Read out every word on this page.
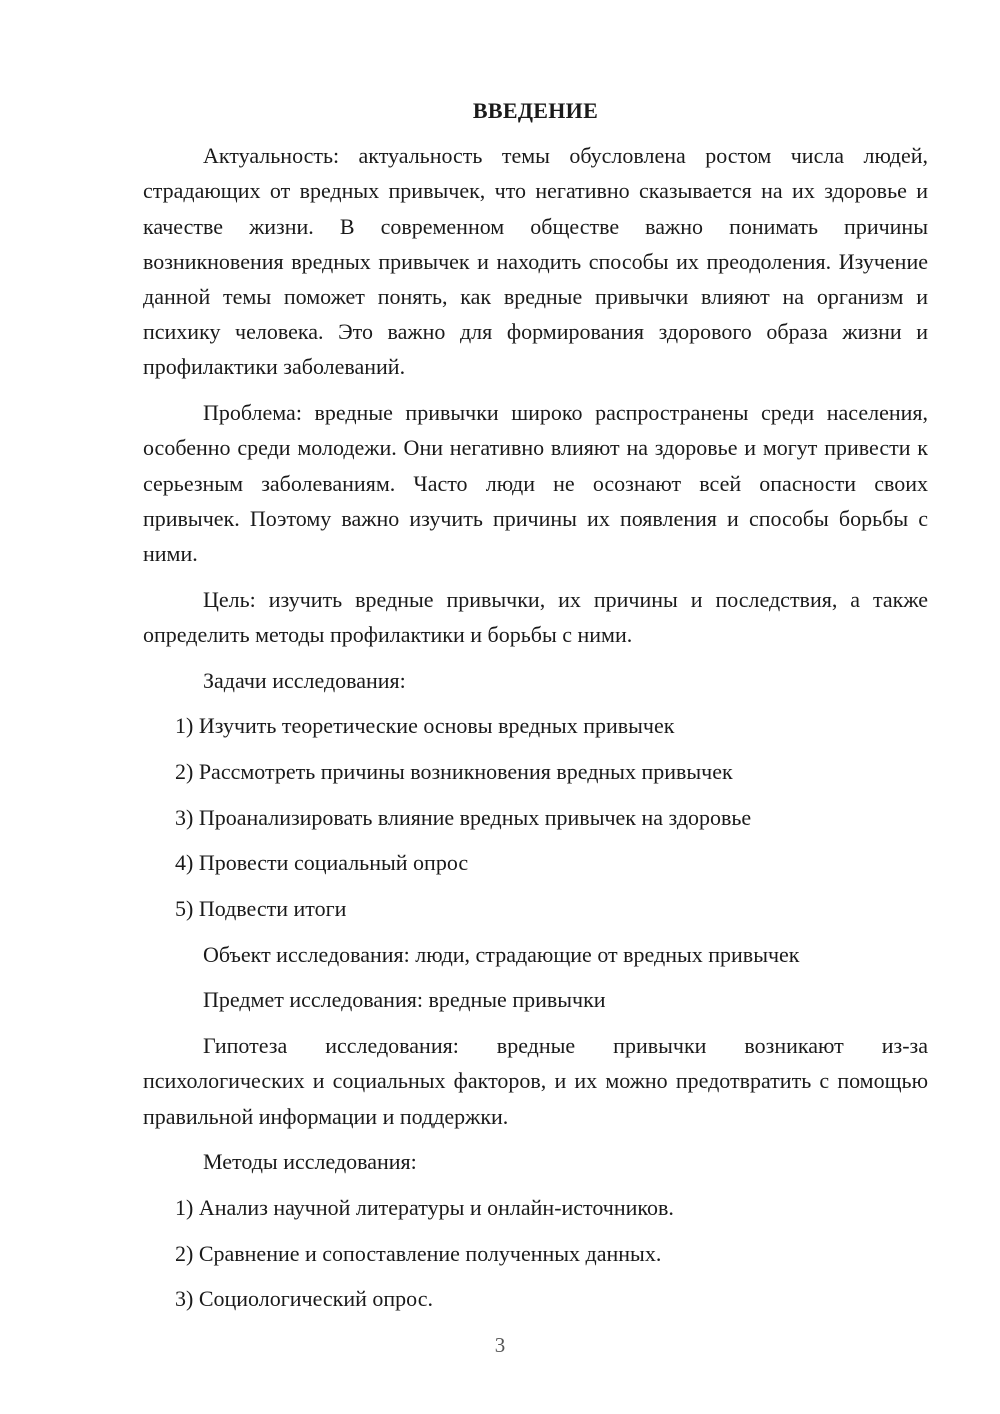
ВВЕДЕНИЕ

Актуальность: актуальность темы обусловлена ростом числа людей, страдающих от вредных привычек, что негативно сказывается на их здоровье и качестве жизни. В современном обществе важно понимать причины возникновения вредных привычек и находить способы их преодоления. Изучение данной темы поможет понять, как вредные привычки влияют на организм и психику человека. Это важно для формирования здорового образа жизни и профилактики заболеваний.

Проблема: вредные привычки широко распространены среди населения, особенно среди молодежи. Они негативно влияют на здоровье и могут привести к серьезным заболеваниям. Часто люди не осознают всей опасности своих привычек. Поэтому важно изучить причины их появления и способы борьбы с ними.

Цель: изучить вредные привычки, их причины и последствия, а также определить методы профилактики и борьбы с ними.

Задачи исследования:
1) Изучить теоретические основы вредных привычек
2) Рассмотреть причины возникновения вредных привычек
3) Проанализировать влияние вредных привычек на здоровье
4) Провести социальный опрос
5) Подвести итоги
Объект исследования: люди, страдающие от вредных привычек
Предмет исследования: вредные привычки

Гипотеза исследования: вредные привычки возникают из-за психологических и социальных факторов, и их можно предотвратить с помощью правильной информации и поддержки.

Методы исследования:
1) Анализ научной литературы и онлайн-источников.
2) Сравнение и сопоставление полученных данных.
3) Социологический опрос.
3
